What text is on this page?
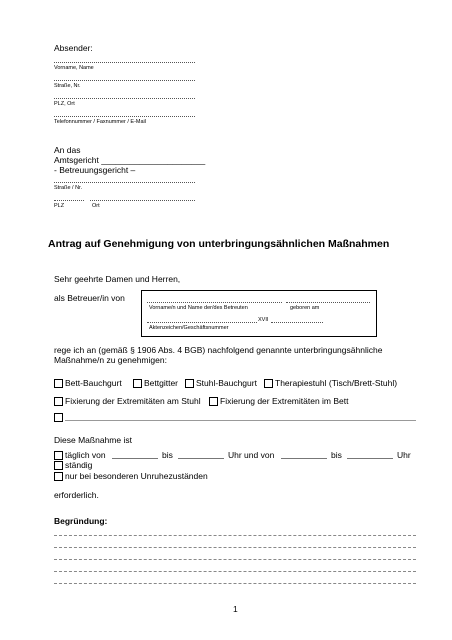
Absender:
Vorname, Name
Straße, Nr.
PLZ, Ort
Telefonnummer / Faxnummer / E-Mail
An das
Amtsgericht ______________________
- Betreuungsgericht –
Straße / Nr.
PLZ	Ort
Antrag auf Genehmigung von unterbringungsähnlichen Maßnahmen
Sehr geehrte Damen und Herren,
als Betreuer/in von
Vorname/n und Name der/des Betreuten	geboren am
XVII
Aktenzeichen/Geschäftsnummer
rege ich an (gemäß § 1906 Abs. 4 BGB) nachfolgend genannte unterbringungsähnliche
Maßnahme/n zu genehmigen:
Bett-Bauchgurt	Bettgitter Stuhl-Bauchgurt Therapiestuhl (Tisch/Brett-Stuhl)
Fixierung der Extremitäten am Stuhl Fixierung der Extremitäten im Bett
Diese Maßnahme ist
täglich von	bis	Uhr und von	bis	Uhr
ständig
nur bei besonderen Unruhezuständen
erforderlich.
Begründung:
1
